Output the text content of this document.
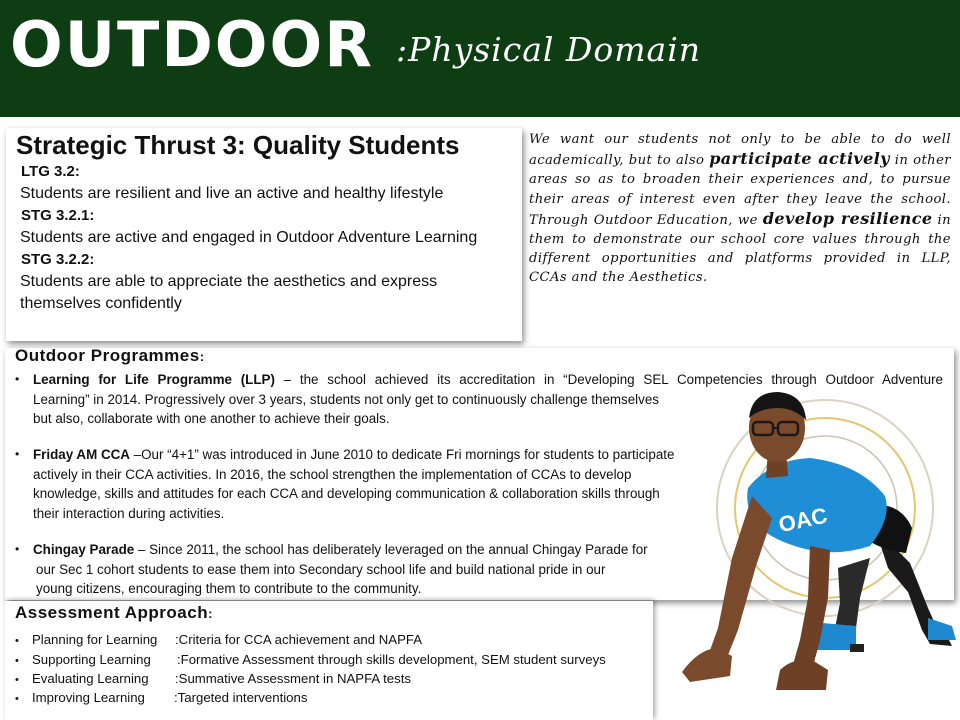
OUTDOOR :Physical Domain
Strategic Thrust 3: Quality Students
LTG 3.2:
Students are resilient and live an active and healthy lifestyle
STG 3.2.1:
Students are active and engaged in Outdoor Adventure Learning
STG 3.2.2:
Students are able to appreciate the aesthetics and express themselves confidently
We want our students not only to be able to do well academically, but to also participate actively in other areas so as to broaden their experiences and, to pursue their areas of interest even after they leave the school. Through Outdoor Education, we develop resilience in them to demonstrate our school core values through the different opportunities and platforms provided in LLP, CCAs and the Aesthetics.
Outdoor Programmes:
• Learning for Life Programme (LLP) – the school achieved its accreditation in “Developing SEL Competencies through Outdoor Adventure
Learning” in 2014. Progressively over 3 years, students not only get to continuously challenge themselves
but also, collaborate with one another to achieve their goals.
• Friday AM CCA –Our “4+1” was introduced in June 2010 to dedicate Fri mornings for students to participate
actively in their CCA activities. In 2016, the school strengthen the implementation of CCAs to develop
knowledge, skills and attitudes for each CCA and developing communication & collaboration skills through
their interaction during activities.
• Chingay Parade – Since 2011, the school has deliberately leveraged on the annual Chingay Parade for
our Sec 1 cohort students to ease them into Secondary school life and build national pride in our
young citizens, encouraging them to contribute to the community.
Assessment Approach:
• Planning for Learning :Criteria for CCA achievement and NAPFA
• Supporting Learning :Formative Assessment through skills development, SEM student surveys
• Evaluating Learning :Summative Assessment in NAPFA tests
• Improving Learning :Targeted interventions
OAC
